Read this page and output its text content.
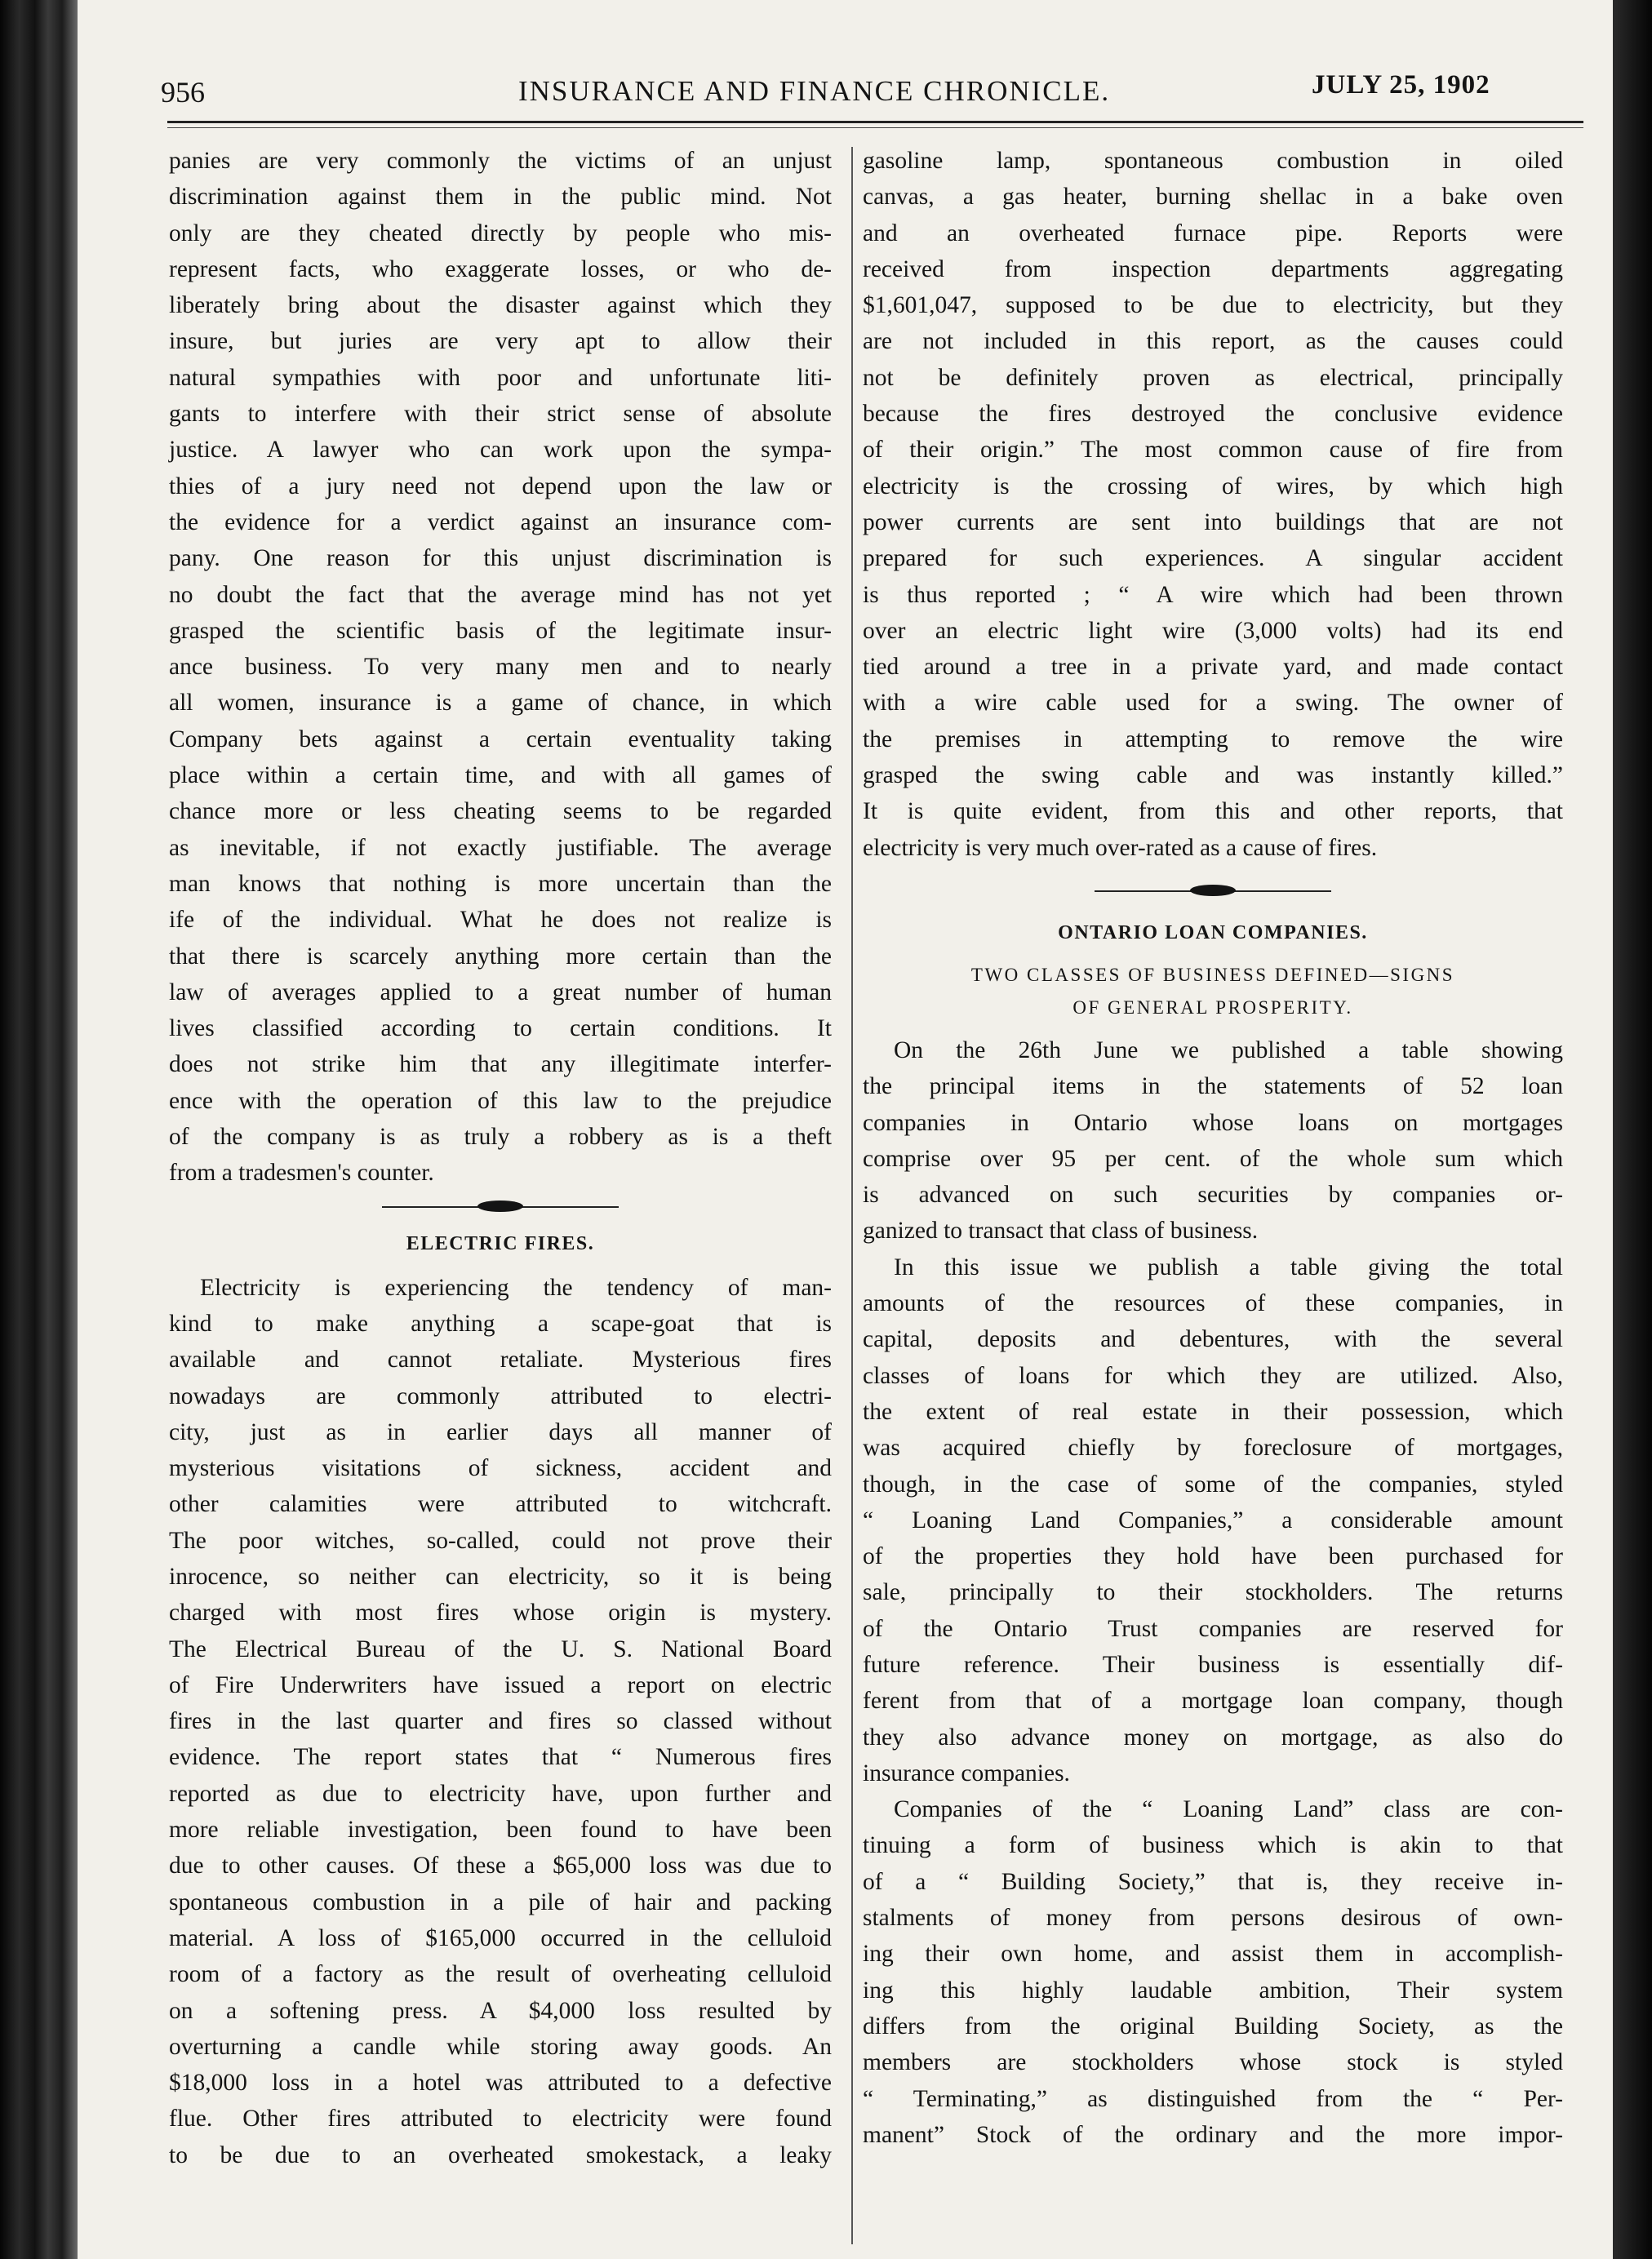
956	INSURANCE AND FINANCE CHRONICLE.	JULY 25, 1902

panies are very commonly the victims of an unjust

discrimination against them in the public mind. Not

only are they cheated directly by people who mis-

represent facts, who exaggerate losses, or who de-

liberately bring about the disaster against which they

insure, but juries are very apt to allow their

natural sympathies with poor and unfortunate liti-

gants to interfere with their strict sense of absolute

justice. A lawyer who can work upon the sympa-

thies of a jury need not depend upon the law or

the evidence for a verdict against an insurance com-

pany. One reason for this unjust discrimination is

no doubt the fact that the average mind has not yet

grasped the scientific basis of the legitimate insur-

ance business. To very many men and to nearly

all women, insurance is a game of chance, in which

Company bets against a certain eventuality taking

place within a certain time, and with all games of

chance more or less cheating seems to be regarded

as inevitable, if not exactly justifiable. The average

man knows that nothing is more uncertain than the

ife of the individual. What he does not realize is

that there is scarcely anything more certain than the

law of averages applied to a great number of human

lives classified according to certain conditions. It

does not strike him that any illegitimate interfer-

ence with the operation of this law to the prejudice

of the company is as truly a robbery as is a theft

from a tradesmen's counter.

ELECTRIC FIRES.

Electricity is experiencing the tendency of man-

kind to make anything a scape-goat that is

available and cannot retaliate. Mysterious fires

nowadays are commonly attributed to electri-

city, just as in earlier days all manner of

mysterious visitations of sickness, accident and

other calamities were attributed to witchcraft.

The poor witches, so-called, could not prove their

inrocence, so neither can electricity, so it is being

charged with most fires whose origin is mystery.

The Electrical Bureau of the U. S. National Board

of Fire Underwriters have issued a report on electric

fires in the last quarter and fires so classed without

evidence. The report states that “ Numerous fires

reported as due to electricity have, upon further and

more reliable investigation, been found to have been

due to other causes. Of these a $65,000 loss was due to

spontaneous combustion in a pile of hair and packing

material. A loss of $165,000 occurred in the celluloid

room of a factory as the result of overheating celluloid

on a softening press. A $4,000 loss resulted by

overturning a candle while storing away goods. An

$18,000 loss in a hotel was attributed to a defective

flue. Other fires attributed to electricity were found

to be due to an overheated smokestack, a leaky

gasoline lamp, spontaneous combustion in oiled

canvas, a gas heater, burning shellac in a bake oven

and an overheated furnace pipe. Reports were

received from inspection departments aggregating

$1,601,047, supposed to be due to electricity, but they

are not included in this report, as the causes could

not be definitely proven as electrical, principally

because the fires destroyed the conclusive evidence

of their origin.” The most common cause of fire from

electricity is the crossing of wires, by which high

power currents are sent into buildings that are not

prepared for such experiences. A singular accident

is thus reported ; “ A wire which had been thrown

over an electric light wire (3,000 volts) had its end

tied around a tree in a private yard, and made contact

with a wire cable used for a swing. The owner of

the premises in attempting to remove the wire

grasped the swing cable and was instantly killed.”

It is quite evident, from this and other reports, that

electricity is very much over-rated as a cause of fires.

ONTARIO LOAN COMPANIES.
TWO CLASSES OF BUSINESS DEFINED—SIGNS
OF GENERAL PROSPERITY.

On the 26th June we published a table showing

the principal items in the statements of 52 loan

companies in Ontario whose loans on mortgages

comprise over 95 per cent. of the whole sum which

is advanced on such securities by companies or-

ganized to transact that class of business.

In this issue we publish a table giving the total

amounts of the resources of these companies, in

capital, deposits and debentures, with the several

classes of loans for which they are utilized. Also,

the extent of real estate in their possession, which

was acquired chiefly by foreclosure of mortgages,

though, in the case of some of the companies, styled

“ Loaning Land Companies,” a considerable amount

of the properties they hold have been purchased for

sale, principally to their stockholders. The returns

of the Ontario Trust companies are reserved for

future reference. Their business is essentially dif-

ferent from that of a mortgage loan company, though

they also advance money on mortgage, as also do

insurance companies.

Companies of the “ Loaning Land” class are con-

tinuing a form of business which is akin to that

of a “ Building Society,” that is, they receive in-

stalments of money from persons desirous of own-

ing their own home, and assist them in accomplish-

ing this highly laudable ambition, Their system

differs from the original Building Society, as the

members are stockholders whose stock is styled

“ Terminating,” as distinguished from the “ Per-

manent” Stock of the ordinary and the more impor-
